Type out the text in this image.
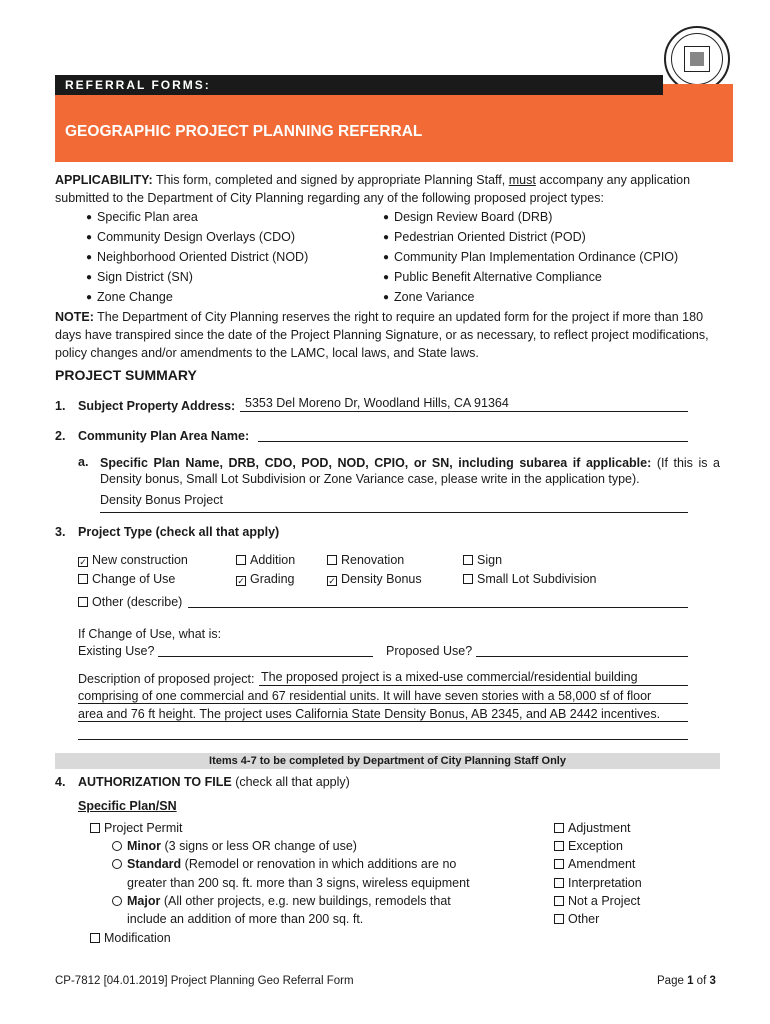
GEOGRAPHIC PROJECT PLANNING REFERRAL
REFERRAL FORMS:
APPLICABILITY: This form, completed and signed by appropriate Planning Staff, must accompany any application
submitted to the Department of City Planning regarding any of the following proposed project types:
● Specific Plan area
● Community Design Overlays (CDO)
● Neighborhood Oriented District (NOD)
● Sign District (SN)
● Zone Change
● Design Review Board (DRB)
● Pedestrian Oriented District (POD)
● Community Plan Implementation Ordinance (CPIO)
● Public Benefit Alternative Compliance
● Zone Variance
NOTE: The Department of City Planning reserves the right to require an updated form for the project if more than 180
days have transpired since the date of the Project Planning Signature, or as necessary, to reflect project modifications,
policy changes and/or amendments to the LAMC, local laws, and State laws.
PROJECT SUMMARY
1. Subject Property Address: 5353 Del Moreno Dr, Woodland Hills, CA 91364
2. Community Plan Area Name:
a. Specific Plan Name, DRB, CDO, POD, NOD, CPIO, or SN, including subarea if applicable: (If this is a Density bonus, Small Lot Subdivision or Zone Variance case, please write in the application type).
Density Bonus Project
3. Project Type (check all that apply)
✓ New construction	Addition	Renovation	Sign
Change of Use	✓ Grading	✓ Density Bonus	Small Lot Subdivision
Other (describe)
If Change of Use, what is:
Existing Use?	Proposed Use?
Description of proposed project: The proposed project is a mixed-use commercial/residential building
comprising of one commercial and 67 residential units. It will have seven stories with a 58,000 sf of floor
area and 76 ft height. The project uses California State Density Bonus, AB 2345, and AB 2442 incentives.
Items 4-7 to be completed by Department of City Planning Staff Only
4. AUTHORIZATION TO FILE (check all that apply)
Specific Plan/SN
Project Permit
Minor (3 signs or less OR change of use)
Standard (Remodel or renovation in which additions are no
greater than 200 sq. ft. more than 3 signs, wireless equipment
Major (All other projects, e.g. new buildings, remodels that
include an addition of more than 200 sq. ft.
Modification
Adjustment
Exception
Amendment
Interpretation
Not a Project
Other
CP-7812 [04.01.2019] Project Planning Geo Referral Form	Page 1 of 3
